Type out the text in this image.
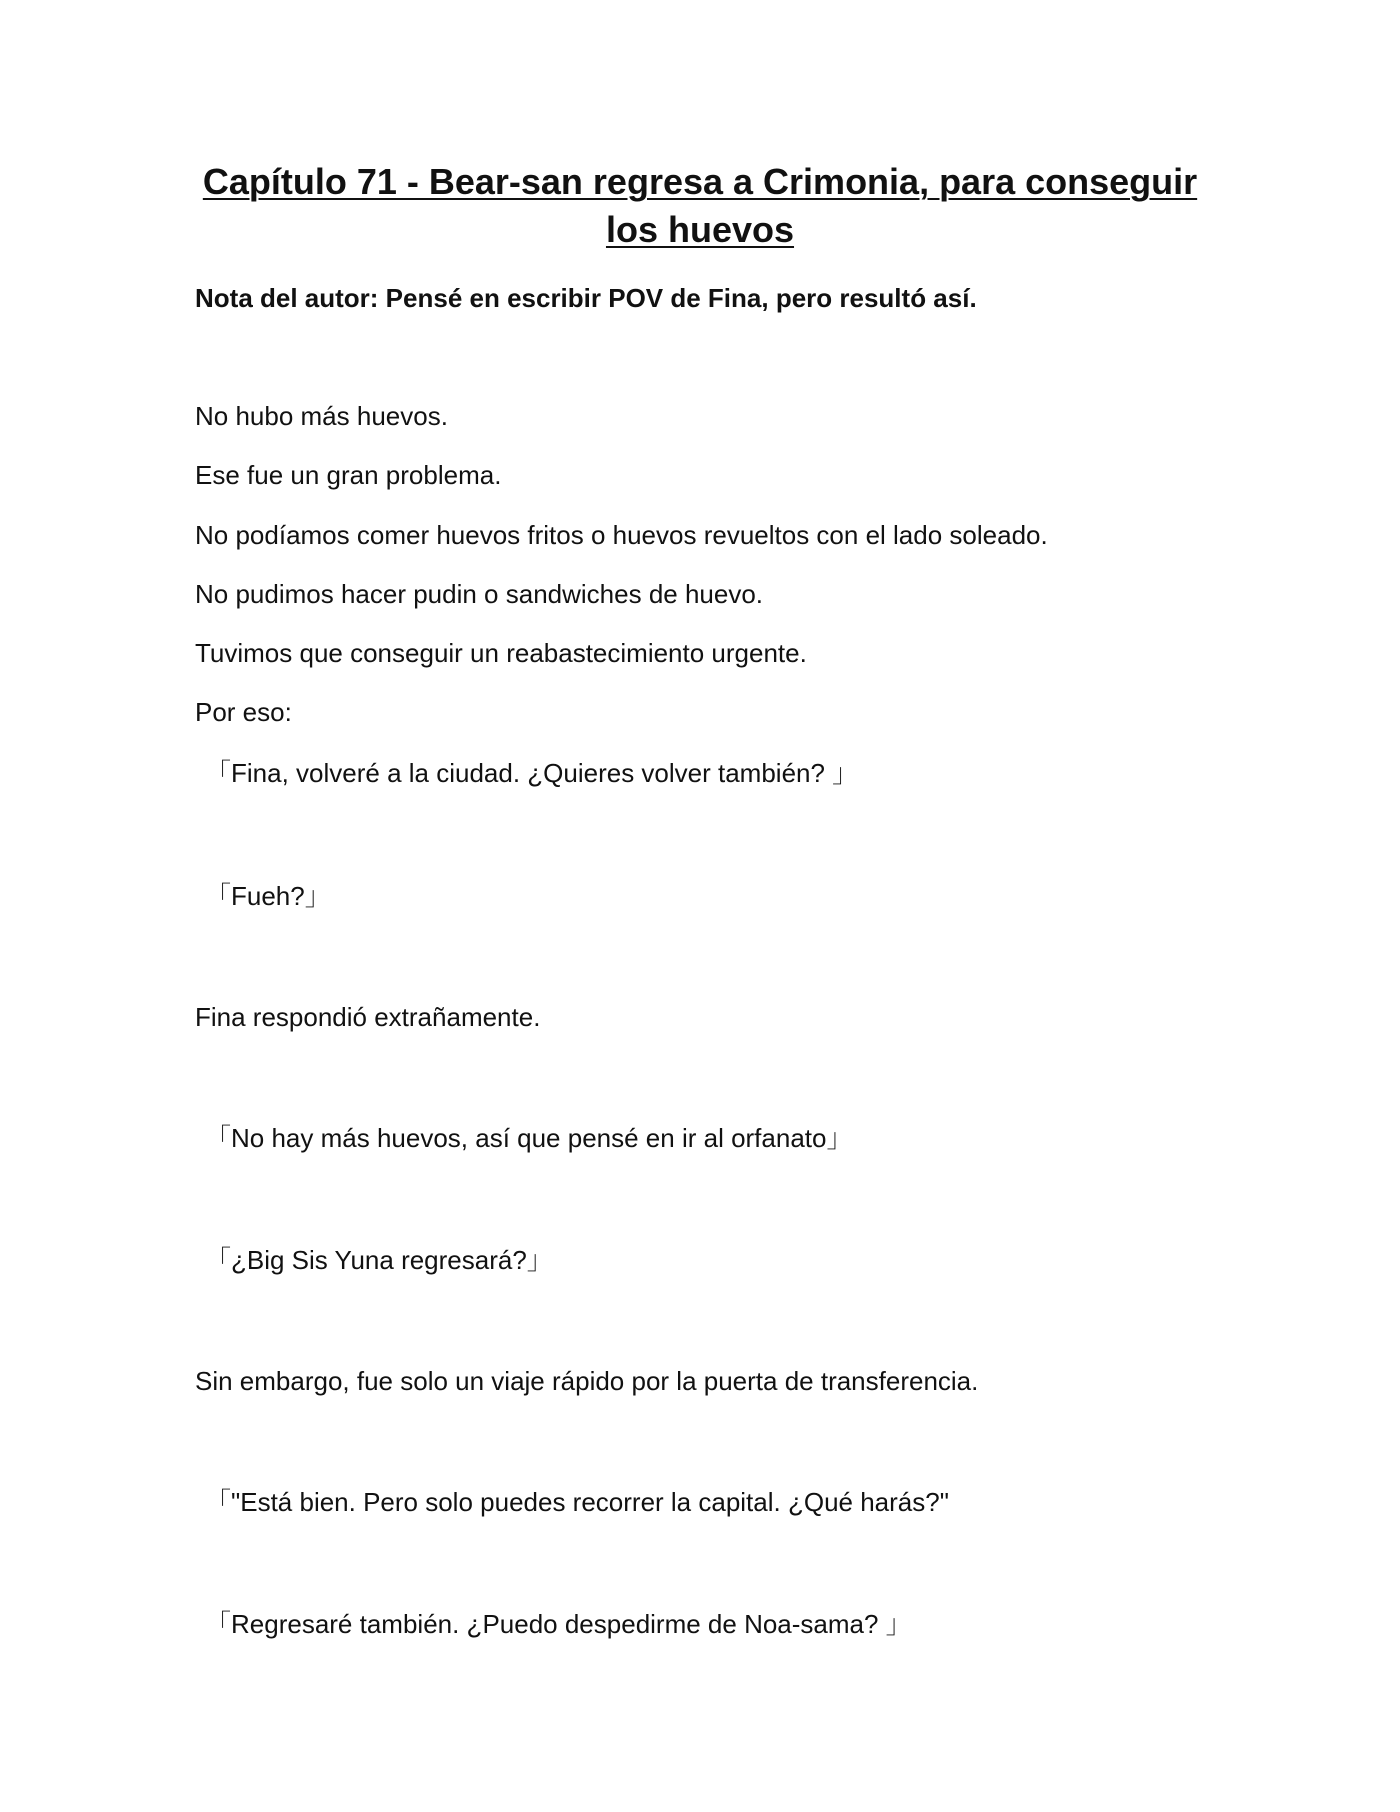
Capítulo 71 - Bear-san regresa a Crimonia, para conseguir los huevos

Nota del autor: Pensé en escribir POV de Fina, pero resultó así.

No hubo más huevos.

Ese fue un gran problema.

No podíamos comer huevos fritos o huevos revueltos con el lado soleado.

No pudimos hacer pudin o sandwiches de huevo.

Tuvimos que conseguir un reabastecimiento urgente.

Por eso:

「Fina, volveré a la ciudad. ¿Quieres volver también? 」

「Fueh?」

Fina respondió extrañamente.

「No hay más huevos, así que pensé en ir al orfanato」

「¿Big Sis Yuna regresará?」

Sin embargo, fue solo un viaje rápido por la puerta de transferencia.

「"Está bien. Pero solo puedes recorrer la capital. ¿Qué harás?"

「Regresaré también. ¿Puedo despedirme de Noa-sama? 」
